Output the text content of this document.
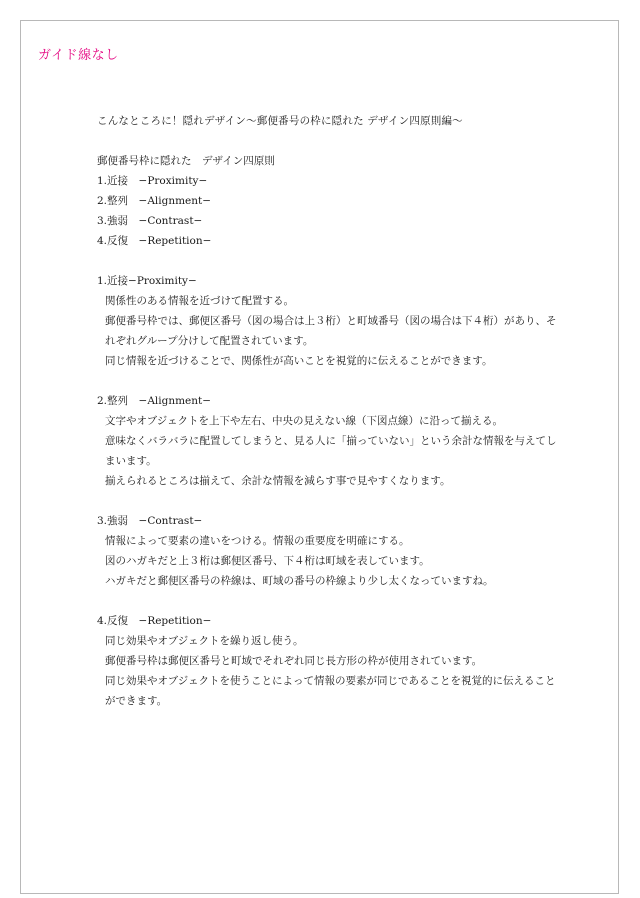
ガイド線なし
こんなところに！隠れデザイン〜郵便番号の枠に隠れた デザイン四原則編〜
郵便番号枠に隠れた　デザイン四原則
1.近接　−Proximity−
2.整列　−Alignment−
3.強弱　−Contrast−
4.反復　−Repetition−
1.近接−Proximity−
関係性のある情報を近づけて配置する。
郵便番号枠では、郵便区番号（図の場合は上３桁）と町域番号（図の場合は下４桁）があり、それぞれグループ分けして配置されています。
同じ情報を近づけることで、関係性が高いことを視覚的に伝えることができます。
2.整列　−Alignment−
文字やオブジェクトを上下や左右、中央の見えない線（下図点線）に沿って揃える。
意味なくバラバラに配置してしまうと、見る人に「揃っていない」という余計な情報を与えてしまいます。
揃えられるところは揃えて、余計な情報を減らす事で見やすくなります。
3.強弱　−Contrast−
情報によって要素の違いをつける。情報の重要度を明確にする。
図のハガキだと上３桁は郵便区番号、下４桁は町域を表しています。
ハガキだと郵便区番号の枠線は、町域の番号の枠線より少し太くなっていますね。
4.反復　−Repetition−
同じ効果やオブジェクトを繰り返し使う。
郵便番号枠は郵便区番号と町域でそれぞれ同じ長方形の枠が使用されています。
同じ効果やオブジェクトを使うことによって情報の要素が同じであることを視覚的に伝えることができます。
